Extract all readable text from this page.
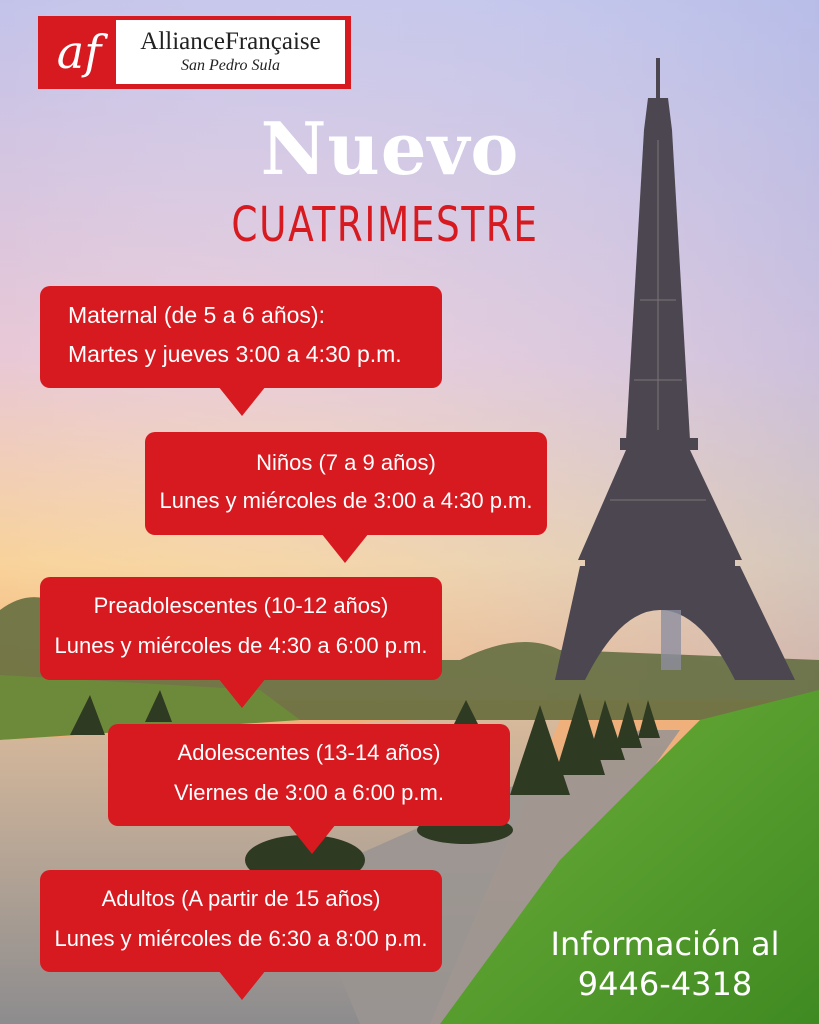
af	AllianceFrançaise
San Pedro Sula
Nuevo
CUATRIMESTRE
Maternal (de 5 a 6 años):
Martes y jueves 3:00 a 4:30 p.m.
Niños (7 a 9 años)
Lunes y miércoles de 3:00 a 4:30 p.m.
Preadolescentes (10-12 años)
Lunes y miércoles de 4:30 a 6:00 p.m.
Adolescentes (13-14 años)
Viernes de 3:00 a 6:00 p.m.
Adultos (A partir de 15 años)
Lunes y miércoles de 6:30 a 8:00 p.m.	Información al
9446-4318
